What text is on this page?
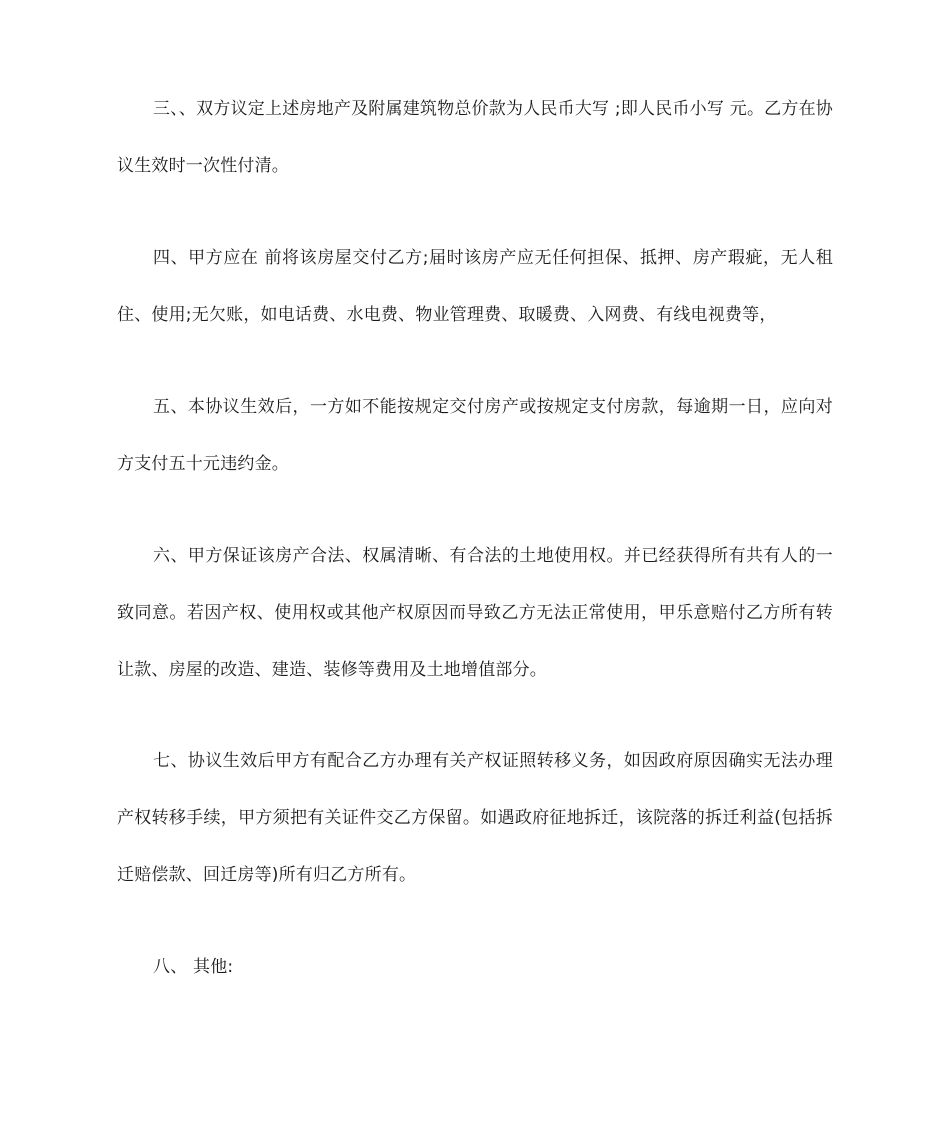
三、、双方议定上述房地产及附属建筑物总价款为人民币大写 ;即人民币小写 元。乙方在协议生效时一次性付清。

四、甲方应在 前将该房屋交付乙方;届时该房产应无任何担保、抵押、房产瑕疵，无人租住、使用;无欠账，如电话费、水电费、物业管理费、取暖费、入网费、有线电视费等，

五、本协议生效后，一方如不能按规定交付房产或按规定支付房款，每逾期一日，应向对方支付五十元违约金。

六、甲方保证该房产合法、权属清晰、有合法的土地使用权。并已经获得所有共有人的一致同意。若因产权、使用权或其他产权原因而导致乙方无法正常使用，甲乐意赔付乙方所有转让款、房屋的改造、建造、装修等费用及土地增值部分。

七、协议生效后甲方有配合乙方办理有关产权证照转移义务，如因政府原因确实无法办理产权转移手续，甲方须把有关证件交乙方保留。如遇政府征地拆迁，该院落的拆迁利益(包括拆迁赔偿款、回迁房等)所有归乙方所有。

八、 其他:
